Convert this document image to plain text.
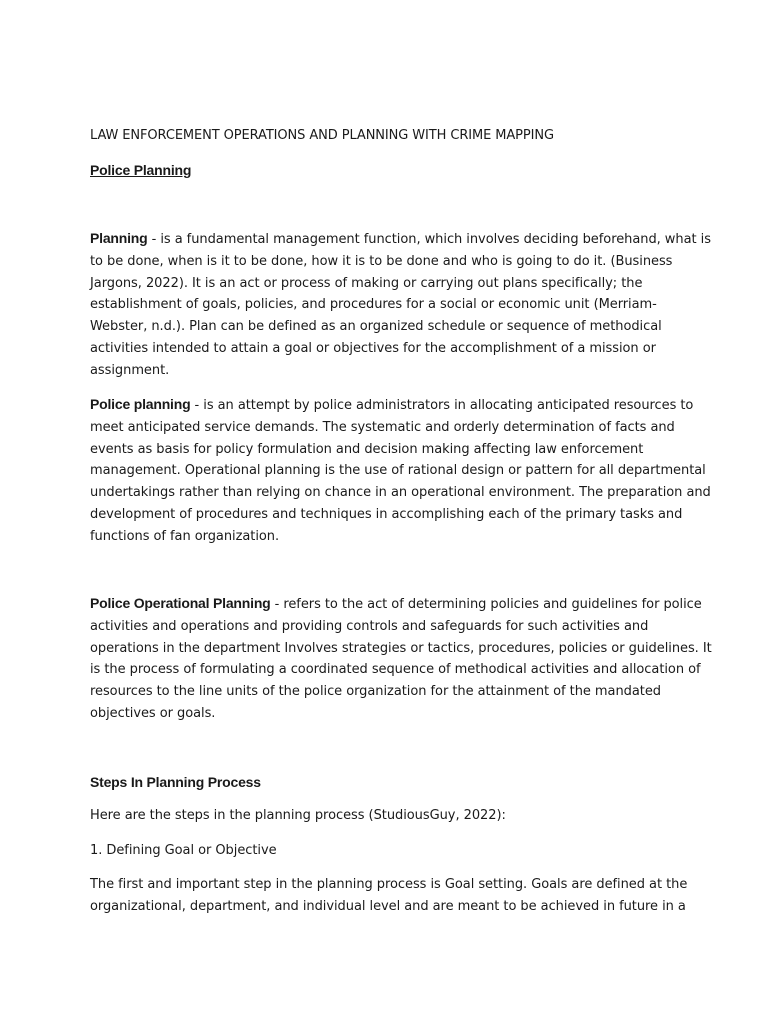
LAW ENFORCEMENT OPERATIONS AND PLANNING WITH CRIME MAPPING

Police Planning

Planning - is a fundamental management function, which involves deciding beforehand, what is
to be done, when is it to be done, how it is to be done and who is going to do it. (Business
Jargons, 2022). It is an act or process of making or carrying out plans specifically; the
establishment of goals, policies, and procedures for a social or economic unit (Merriam-
Webster, n.d.). Plan can be defined as an organized schedule or sequence of methodical
activities intended to attain a goal or objectives for the accomplishment of a mission or
assignment.

Police planning - is an attempt by police administrators in allocating anticipated resources to
meet anticipated service demands. The systematic and orderly determination of facts and
events as basis for policy formulation and decision making affecting law enforcement
management. Operational planning is the use of rational design or pattern for all departmental
undertakings rather than relying on chance in an operational environment. The preparation and
development of procedures and techniques in accomplishing each of the primary tasks and
functions of fan organization.

Police Operational Planning - refers to the act of determining policies and guidelines for police
activities and operations and providing controls and safeguards for such activities and
operations in the department Involves strategies or tactics, procedures, policies or guidelines. It
is the process of formulating a coordinated sequence of methodical activities and allocation of
resources to the line units of the police organization for the attainment of the mandated
objectives or goals.

Steps In Planning Process

Here are the steps in the planning process (StudiousGuy, 2022):

1. Defining Goal or Objective

The first and important step in the planning process is Goal setting. Goals are defined at the
organizational, department, and individual level and are meant to be achieved in future in a
